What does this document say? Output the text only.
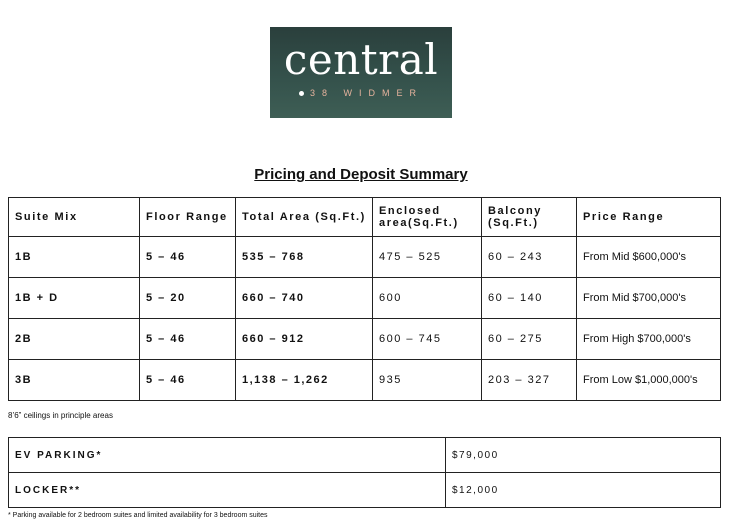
central
38 WIDMER
Pricing and Deposit Summary
Suite Mix	Floor Range	Total Area (Sq.Ft.)	Enclosed area(Sq.Ft.)	Balcony (Sq.Ft.)	Price Range
1B	5 – 46	535 – 768	475 – 525	60 – 243	From Mid $600,000's
1B + D	5 – 20	660 – 740	600	60 – 140	From Mid $700,000's
2B	5 – 46	660 – 912	600 – 745	60 – 275	From High $700,000's
3B	5 – 46	1,138 – 1,262	935	203 – 327	From Low $1,000,000's
8’6” ceilings in principle areas
EV PARKING*	$79,000
LOCKER**	$12,000
* Parking available for 2 bedroom suites and limited availability for 3 bedroom suites
